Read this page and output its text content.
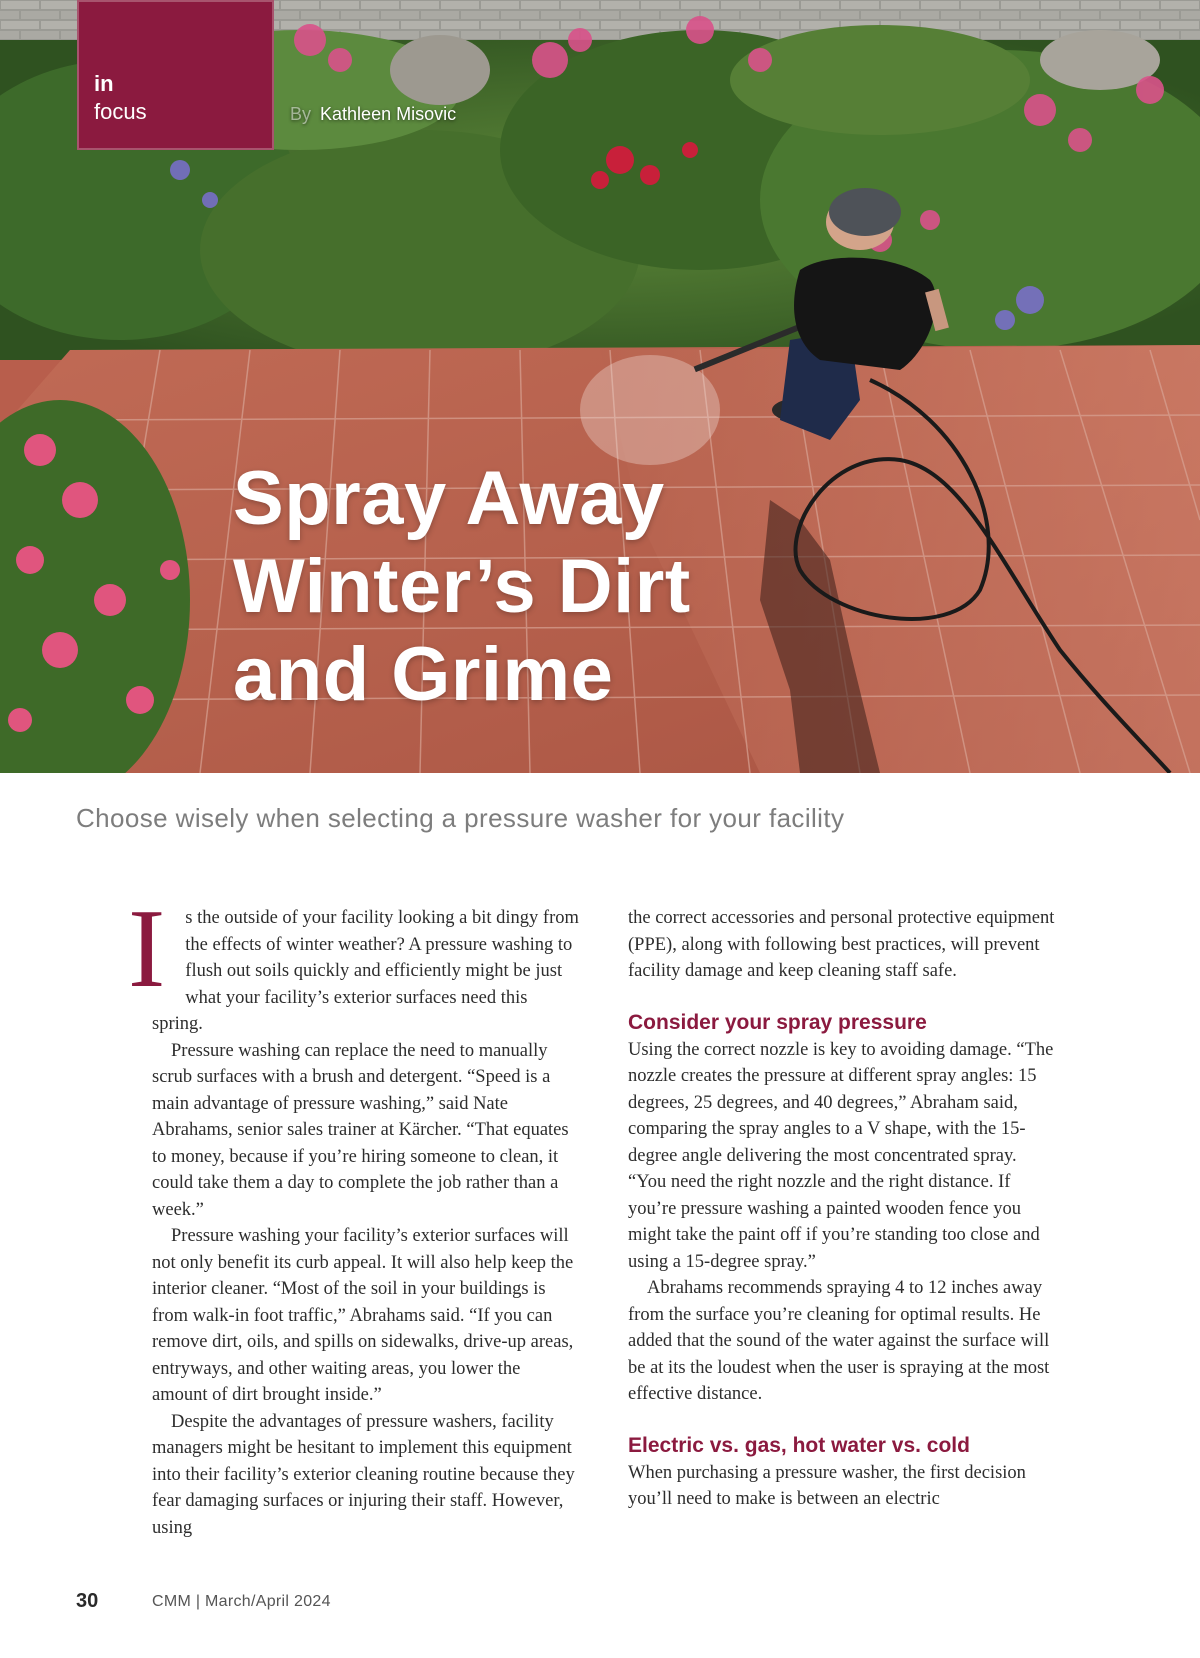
in
focus	By Kathleen Misovic
Spray Away
Winter’s Dirt
and Grime
Choose wisely when selecting a pressure washer for your facility

I s the outside of your facility looking a bit dingy from the effects of winter weather? A pressure washing to flush out soils quickly and efficiently might be just what your facility’s exterior surfaces need this spring.

Pressure washing can replace the need to manually scrub surfaces with a brush and detergent. “Speed is a main advantage of pressure washing,” said Nate Abrahams, senior sales trainer at Kärcher. “That equates to money, because if you’re hiring someone to clean, it could take them a day to complete the job rather than a week.”

Pressure washing your facility’s exterior surfaces will not only benefit its curb appeal. It will also help keep the interior cleaner. “Most of the soil in your buildings is from walk-in foot traffic,” Abrahams said. “If you can remove dirt, oils, and spills on sidewalks, drive-up areas, entryways, and other waiting areas, you lower the amount of dirt brought inside.”

Despite the advantages of pressure washers, facility managers might be hesitant to implement this equipment into their facility’s exterior cleaning routine because they fear damaging surfaces or injuring their staff. However, using

the correct accessories and personal protective equipment (PPE), along with following best practices, will prevent facility damage and keep cleaning staff safe.

Consider your spray pressure

Using the correct nozzle is key to avoiding damage. “The nozzle creates the pressure at different spray angles: 15 degrees, 25 degrees, and 40 degrees,” Abraham said, comparing the spray angles to a V shape, with the 15-degree angle delivering the most concentrated spray. “You need the right nozzle and the right distance. If you’re pressure washing a painted wooden fence you might take the paint off if you’re standing too close and using a 15-degree spray.”

Abrahams recommends spraying 4 to 12 inches away from the surface you’re cleaning for optimal results. He added that the sound of the water against the surface will be at its the loudest when the user is spraying at the most effective distance.

Electric vs. gas, hot water vs. cold

When purchasing a pressure washer, the first decision you’ll need to make is between an electric

30	CMM | March/April 2024
